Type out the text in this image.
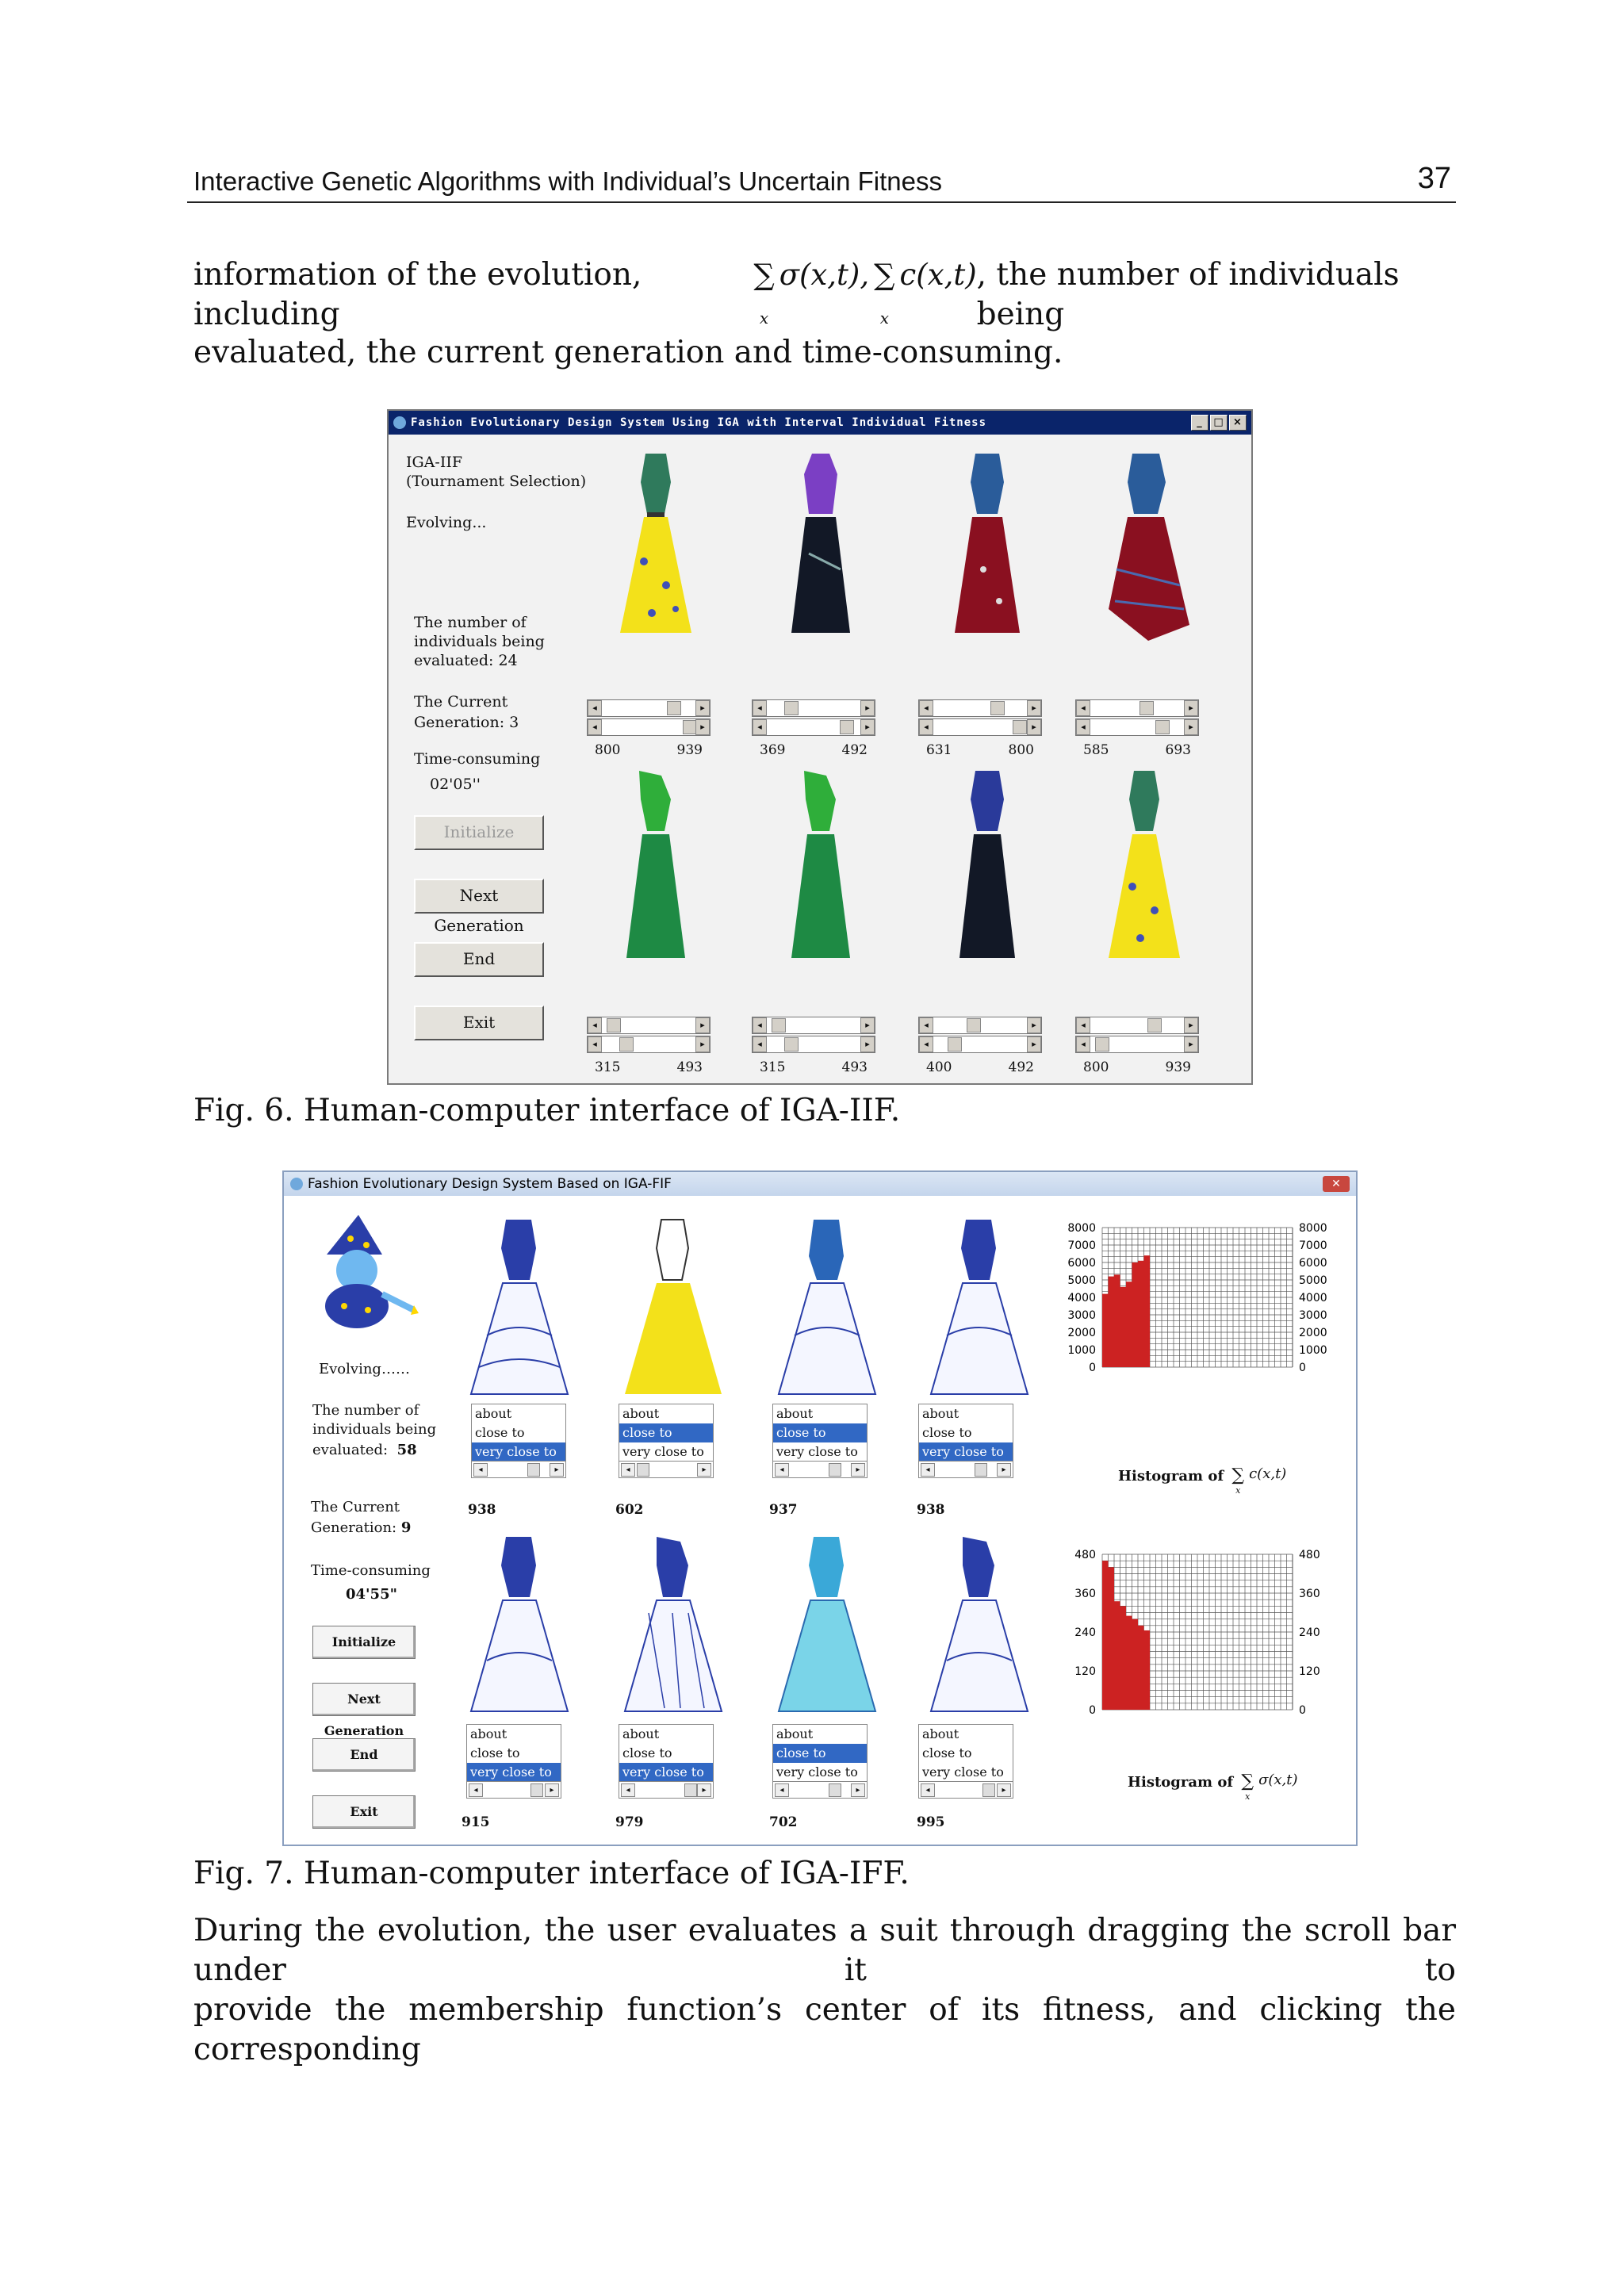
Interactive Genetic Algorithms with Individual’s Uncertain Fitness	37
information of the evolution, including
∑
x
σ(x,t), ∑
x
c(x,t) , the number of individuals being
evaluated, the current generation and time-consuming.
Fashion Evolutionary Design System Using IGA with Interval Individual Fitness	_	□ ×
IGA-IIF
(Tournament Selection)
Evolving...
The number of
individuals being
evaluated: 24
The Current
Generation: 3
Time-consuming
02'05''
Initialize
Next Generation
End
Exit
◂	▸
◂	▸
800	939
◂	▸
◂	▸
369	492
◂	▸
◂	▸
631	800
◂	▸
◂	▸
585	693
◂	▸
◂	▸
315	493
◂	▸
◂	▸
315	493
◂	▸
◂	▸
400	492
◂	▸
◂	▸
800	939
Fig. 6. Human-computer interface of IGA-IIF.
Fashion Evolutionary Design System Based on IGA-FIF	✕
Evolving……
The number of
individuals being
evaluated: 58
The Current
Generation: 9
Time-consuming
04'55"
Initialize
Next Generation
End
Exit
about
close to
very close to
◂	▸
about
close to
very close to
◂	▸
about
close to
very close to
◂	▸
about
close to
very close to
◂	▸
938	602	937	938
about
close to
very close to
◂	▸
about
close to
very close to
◂	▸
about
close to
very close to
◂	▸
about
close to
very close to
◂	▸
915	979	702	995
8000	8000
7000	7000
6000	6000
5000	5000
4000	4000
3000	3000
2000	2000
1000	1000
0	0
Histogram of ∑
x
c(x,t)
480	480
360	360
240	240
120	120
0	0
Histogram of ∑
x
σ(x,t)
Fig. 7. Human-computer interface of IGA-IFF.
During the evolution, the user evaluates a suit through dragging the scroll bar under it to
provide the membership function’s center of its fitness, and clicking the corresponding
